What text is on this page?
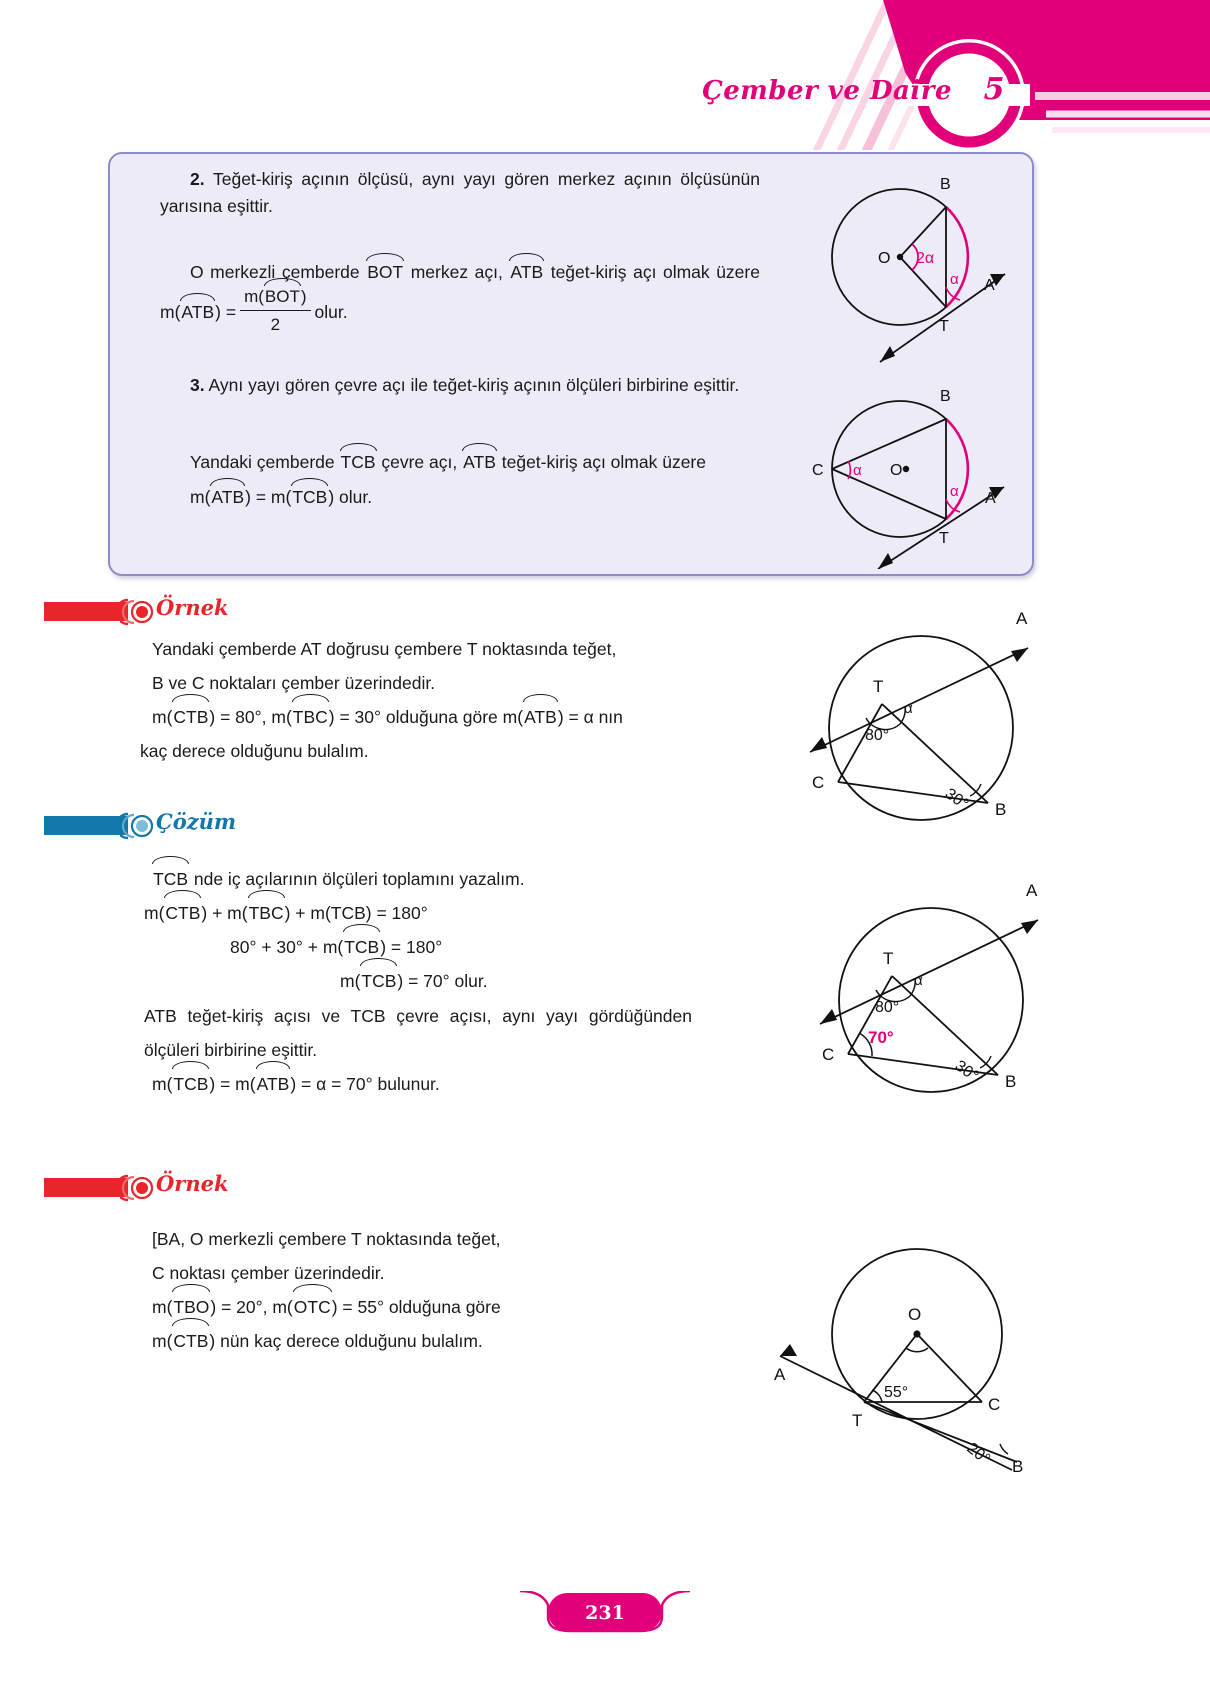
Çember ve Daire	5
2. Teğet-kiriş açının ölçüsü, aynı yayı gören merkez açının ölçüsünün yarısına eşittir.
O merkezli çemberde BOT merkez açı, ATB teğet-kiriş açı olmak üzere m(
ATB) = m(
BOT)
2 olur.
3. Aynı yayı gören çevre açı ile teğet-kiriş açının ölçüleri birbirine eşittir.
Yandaki çemberde TCB çevre açı, ATB teğet-kiriş açı olmak üzere
m(
ATB) = m(
TCB) olur.
O
B
T
A
2α
α
C	O
B
T
A
α
α
Örnek
Yandaki çemberde AT doğrusu çembere T noktasında teğet,
B ve C noktaları çember üzerindedir.
m(
CTB) = 80°, m(
TBC) = 30° olduğuna göre m(
ATB) = α nın
kaç derece olduğunu bulalım.
T
A
C
B
80°
α
30°
Çözüm
TCB nde iç açılarının ölçüleri toplamını yazalım.
m(
CTB) + m(
TBC) + m(TCB) = 180°
80° + 30° + m(
TCB) = 180°
m(
TCB) = 70° olur.
ATB teğet-kiriş açısı ve TCB çevre açısı, aynı yayı gördüğünden ölçüleri birbirine eşittir.
m(
TCB) = m(
ATB) = α = 70° bulunur.
T
A
C
B
80°
α
30°
70°
Örnek
[BA, O merkezli çembere T noktasında teğet,
C noktası çember üzerindedir.
m(
TBO) = 20°, m(
OTC) = 55° olduğuna göre
m(
CTB) nün kaç derece olduğunu bulalım.
O
A
T
C
B
55°
20°
231
